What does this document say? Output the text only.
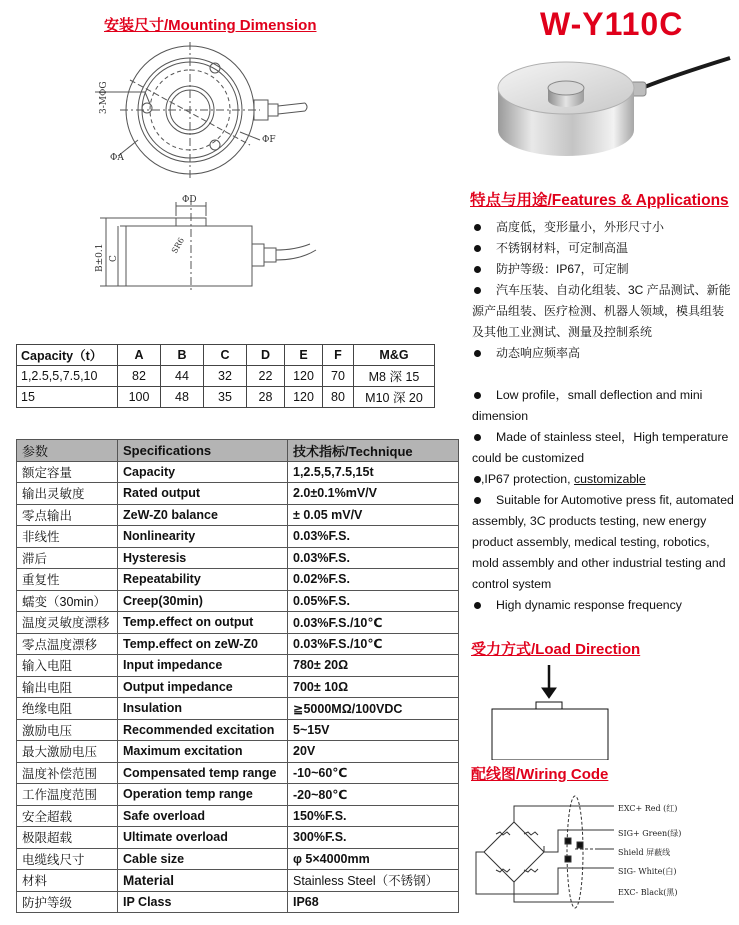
安装尺寸/Mounting Dimension	W-Y110C
特点与用途/Features & Applications
受力方式/Load Direction
配线图/Wiring Code
3-MΦG
ΦA
ΦF
ΦD
SR6
B±0.1 C
高度低，变形量小，外形尺寸小
不锈钢材料，可定制高温
防护等级：IP67，可定制
汽车压装、自动化组装、3C 产品测试、新能源产品组装、医疗检测、机器人领域，模具组装及其他工业测试、测量及控制系统
动态响应频率高
Low profile，small deflection and mini dimension
Made of stainless steel，High temperature could be customized
,IP67 protection, customizable
Suitable for Automotive press fit, automated assembly, 3C products testing, new energy product assembly, medical testing, robotics, mold assembly and other industrial testing and control system
High dynamic response frequency
Capacity（t）	A	B	C	D	E	F	M&G
1,2.5,5,7.5,10	82	44	32	22	120	70	M8 深 15
15	100	48	35	28	120	80	M10 深 20
参数	Specifications	技术指标/Technique
额定容量	Capacity	1,2.5,5,7.5,15t
输出灵敏度	Rated output	2.0±0.1%mV/V
零点输出	ZeW-Z0 balance	± 0.05 mV/V
非线性	Nonlinearity	0.03%F.S.
滞后	Hysteresis	0.03%F.S.
重复性	Repeatability	0.02%F.S.
蠕变（30min）	Creep(30min)	0.05%F.S.
温度灵敏度漂移	Temp.effect on output	0.03%F.S./10℃
零点温度漂移	Temp.effect on zeW-Z0	0.03%F.S./10℃
输入电阻	Input impedance	780± 20Ω
输出电阻	Output impedance	700± 10Ω
绝缘电阻	Insulation	≧5000MΩ/100VDC
激励电压	Recommended excitation	5~15V
最大激励电压	Maximum excitation	20V
温度补偿范围	Compensated temp range	-10~60℃
工作温度范围	Operation temp range	-20~80℃
安全超载	Safe overload	150%F.S.
极限超载	Ultimate overload	300%F.S.
电缆线尺寸	Cable size	φ 5×4000mm
材料	Material	Stainless Steel（不锈钢）
防护等级	IP Class	IP68
EXC+ Red (红)
SIG+ Green(绿)
Shield 屏蔽线
SIG- White(白)
EXC- Black(黑)
